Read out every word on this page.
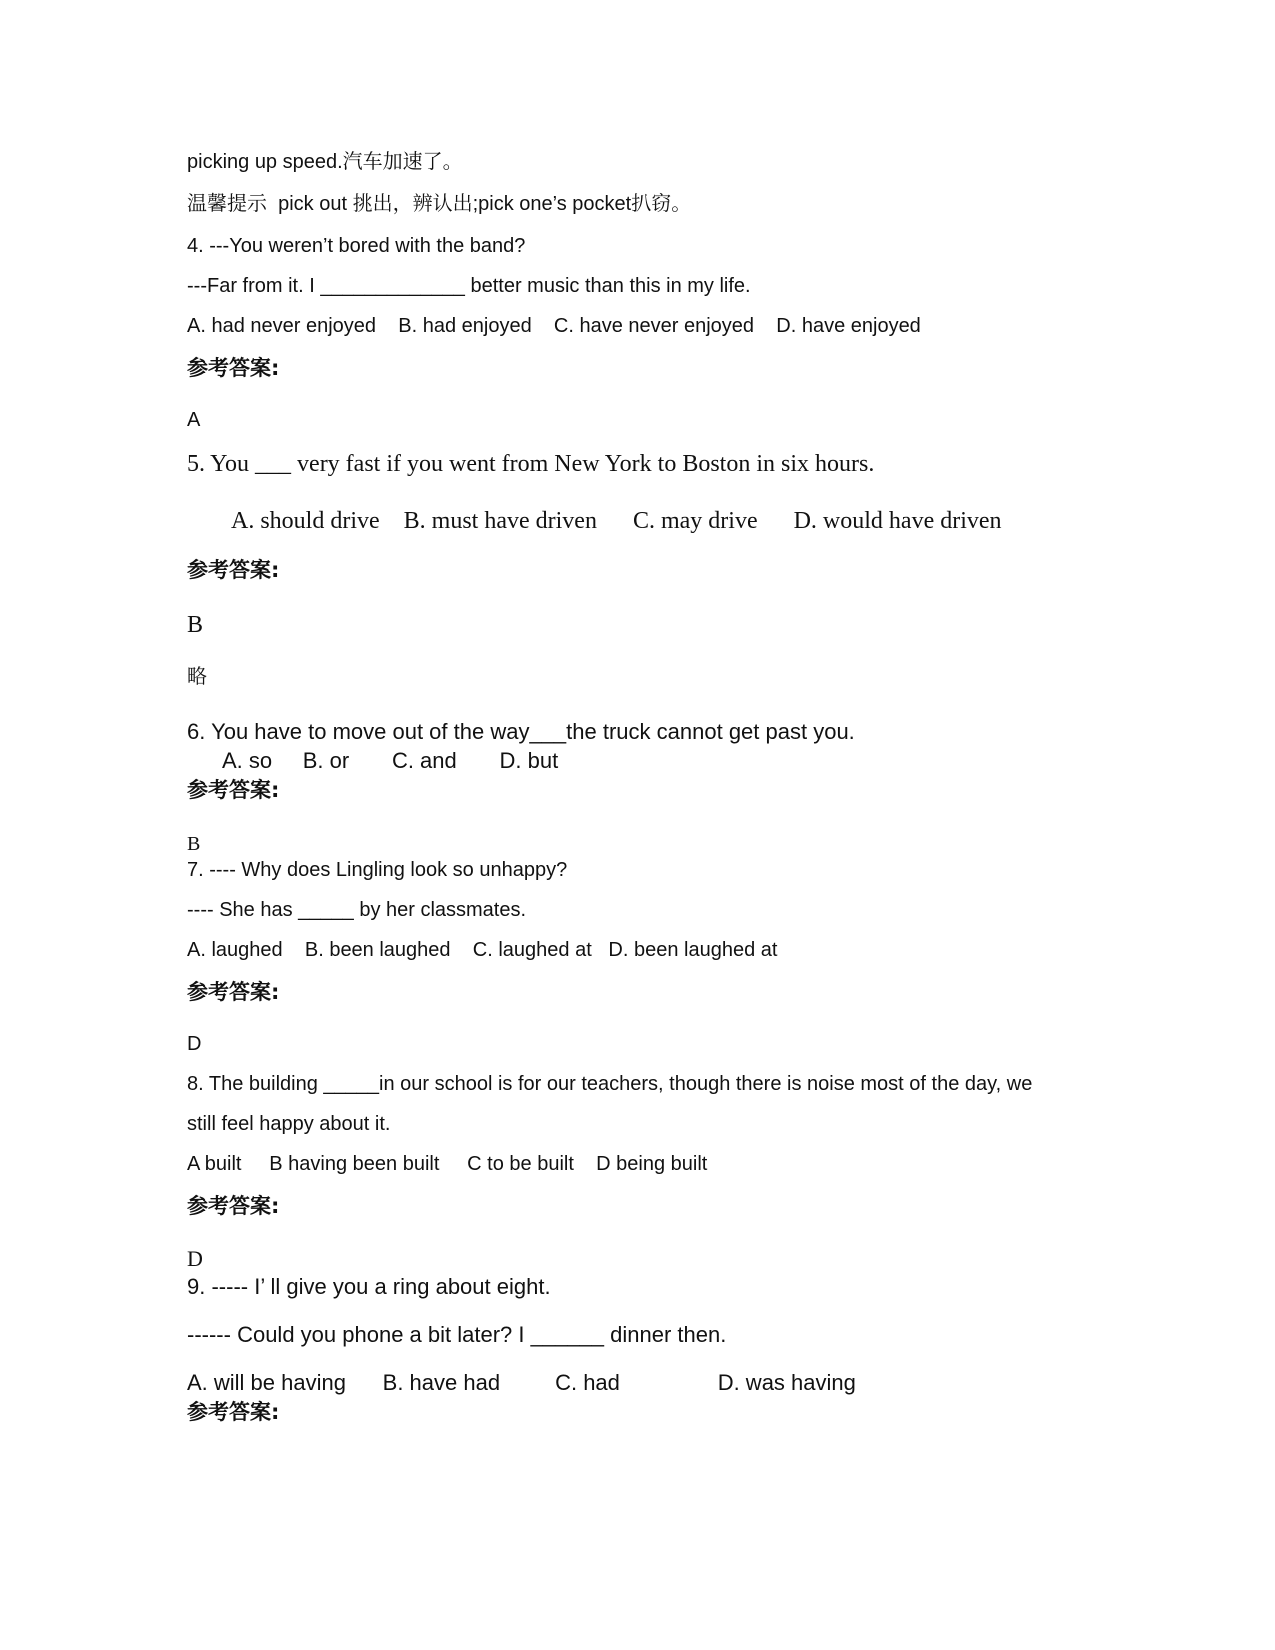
picking up speed.汽车加速了。
温馨提示  pick out 挑出，辨认出;pick one’s pocket扒窃。
4. ---You weren’t bored with the band?
---Far from it. I _____________ better music than this in my life.
A. had never enjoyed    B. had enjoyed    C. have never enjoyed    D. have enjoyed
参考答案:
A
5. You ___ very fast if you went from New York to Boston in six hours.
A. should drive    B. must have driven      C. may drive      D. would have driven
参考答案:
B
略
6. You have to move out of the way___the truck cannot get past you.
A. so     B. or       C. and       D. but
参考答案:
B
7. ---- Why does Lingling look so unhappy?
---- She has _____ by her classmates.
A. laughed    B. been laughed    C. laughed at   D. been laughed at
参考答案:
D
8. The building _____in our school is for our teachers, though there is noise most of the day, we
still feel happy about it.
A built     B having been built     C to be built    D being built
参考答案:
D
9. ----- I’ ll give you a ring about eight.
------ Could you phone a bit later? I ______ dinner then.
A. will be having      B. have had         C. had                D. was having
参考答案:
